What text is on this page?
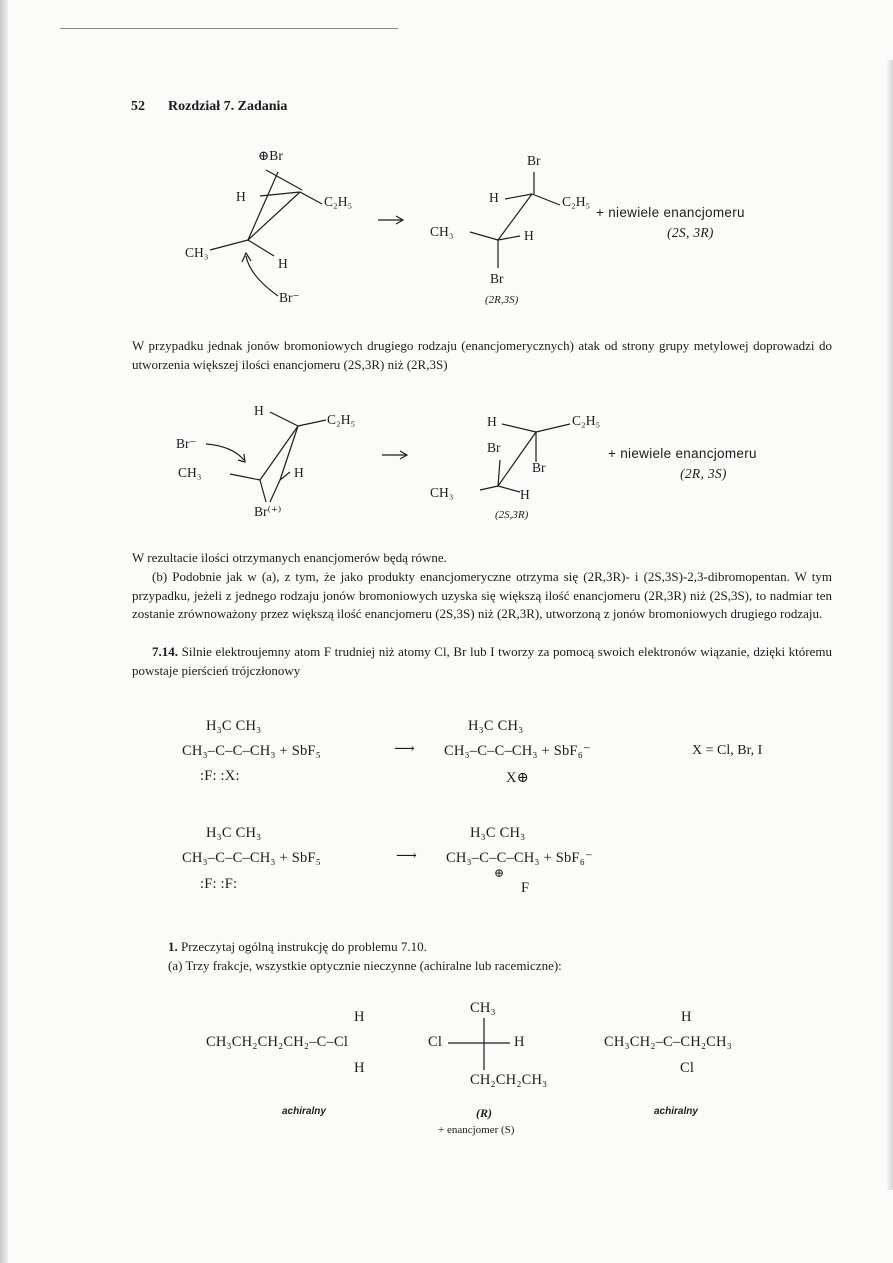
52 Rozdział 7. Zadania
⊕Br
H	C₂H₅
CH₃
H
Br⁻
Br
H	C₂H₅
CH₃	H
Br
(2R,3S)
+ niewiele enancjomeru
(2S, 3R)

W przypadku jednak jonów bromoniowych drugiego rodzaju (enancjomerycznych) atak od strony grupy metylowej doprowadzi do utworzenia większej ilości enancjomeru (2S,3R) niż (2R,3S)

H
C₂H₅
Br⁻
CH₃	H
Br⁽⁺⁾
H	C₂H₅
Br
Br
CH₃	H
(2S,3R)
+ niewiele enancjomeru
(2R, 3S)

W rezultacie ilości otrzymanych enancjomerów będą równe.

(b) Podobnie jak w (a), z tym, że jako produkty enancjomeryczne otrzyma się (2R,3R)- i (2S,3S)-2,3-dibromopentan. W tym przypadku, jeżeli z jednego rodzaju jonów bromoniowych uzyska się większą ilość enancjomeru (2R,3R) niż (2S,3S), to nadmiar ten zostanie zrównoważony przez większą ilość enancjomeru (2S,3S) niż (2R,3R), utworzoną z jonów bromoniowych drugiego rodzaju.

7.14. Silnie elektroujemny atom F trudniej niż atomy Cl, Br lub I tworzy za pomocą swoich elektronów wiązanie, dzięki któremu powstaje pierścień trójczłonowy

H₃C CH₃
CH₃–C–C–CH₃ + SbF₅
:F: :X:
⟶
H₃C CH₃
CH₃–C–C–CH₃ + SbF₆⁻
X⊕
X = Cl, Br, I
H₃C CH₃
CH₃–C–C–CH₃ + SbF₅
:F: :F:
⟶
H₃C CH₃
CH₃–C–C–CH₃ + SbF₆⁻
⊕
F

1. Przeczytaj ogólną instrukcję do problemu 7.10.

(a) Trzy frakcje, wszystkie optycznie nieczynne (achiralne lub racemiczne):

H
CH₃CH₂CH₂CH₂–C–Cl
H
achiralny
CH₃
Cl	H
CH₂CH₂CH₃
(R)
+ enancjomer (S)
H
CH₃CH₂–C–CH₂CH₃
Cl
achiralny
